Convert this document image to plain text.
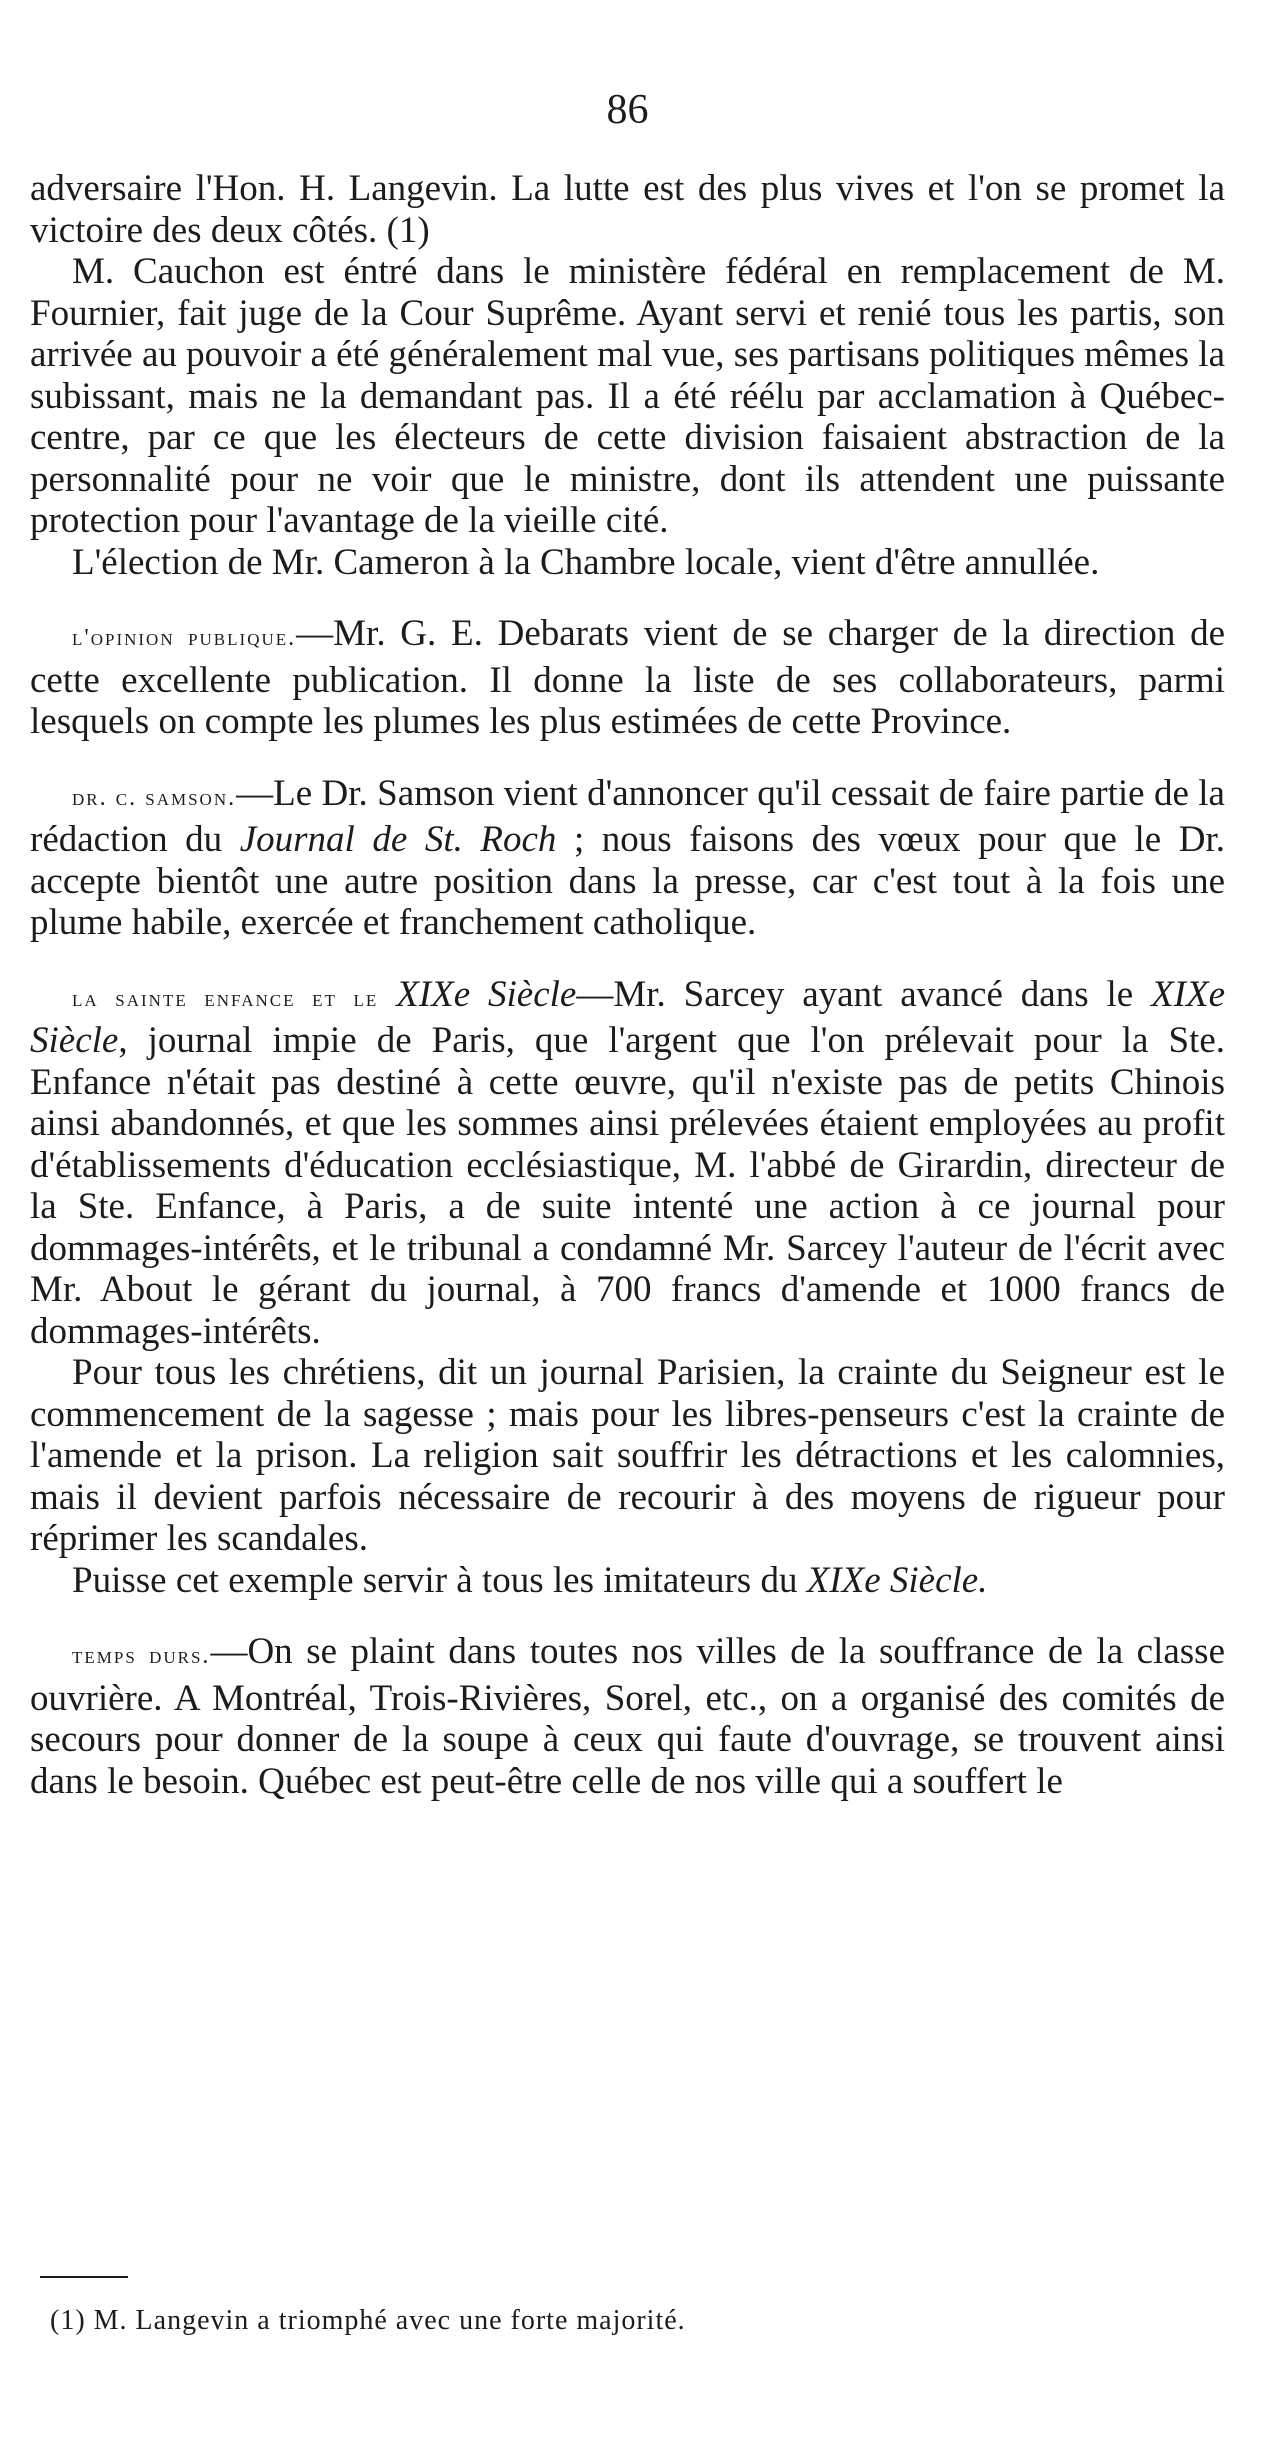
86

adversaire l'Hon. H. Langevin. La lutte est des plus vives et l'on se promet la victoire des deux côtés. (1)

M. Cauchon est éntré dans le ministère fédéral en remplacement de M. Fournier, fait juge de la Cour Suprême. Ayant servi et renié tous les partis, son arrivée au pouvoir a été généralement mal vue, ses partisans politiques mêmes la subissant, mais ne la demandant pas. Il a été réélu par acclamation à Québec-centre, par ce que les électeurs de cette division faisaient abstraction de la personnalité pour ne voir que le ministre, dont ils attendent une puissante protection pour l'avantage de la vieille cité.

L'élection de Mr. Cameron à la Chambre locale, vient d'être annullée.

l'opinion publique.—Mr. G. E. Debarats vient de se charger de la direction de cette excellente publication. Il donne la liste de ses collaborateurs, parmi lesquels on compte les plumes les plus estimées de cette Province.

dr. c. samson.—Le Dr. Samson vient d'annoncer qu'il cessait de faire partie de la rédaction du Journal de St. Roch ; nous faisons des vœux pour que le Dr. accepte bientôt une autre position dans la presse, car c'est tout à la fois une plume habile, exercée et franchement catholique.

la sainte enfance et le XIXe Siècle—Mr. Sarcey ayant avancé dans le XIXe Siècle, journal impie de Paris, que l'argent que l'on prélevait pour la Ste. Enfance n'était pas destiné à cette œuvre, qu'il n'existe pas de petits Chinois ainsi abandonnés, et que les sommes ainsi prélevées étaient employées au profit d'établissements d'éducation ecclésiastique, M. l'abbé de Girardin, directeur de la Ste. Enfance, à Paris, a de suite intenté une action à ce journal pour dommages-intérêts, et le tribunal a condamné Mr. Sarcey l'auteur de l'écrit avec Mr. About le gérant du journal, à 700 francs d'amende et 1000 francs de dommages-intérêts.

Pour tous les chrétiens, dit un journal Parisien, la crainte du Seigneur est le commencement de la sagesse ; mais pour les libres-penseurs c'est la crainte de l'amende et la prison. La religion sait souffrir les détractions et les calomnies, mais il devient parfois nécessaire de recourir à des moyens de rigueur pour réprimer les scandales.

Puisse cet exemple servir à tous les imitateurs du XIXe Siècle.

temps durs.—On se plaint dans toutes nos villes de la souffrance de la classe ouvrière. A Montréal, Trois-Rivières, Sorel, etc., on a organisé des comités de secours pour donner de la soupe à ceux qui faute d'ouvrage, se trouvent ainsi dans le besoin. Québec est peut-être celle de nos ville qui a souffert le

(1) M. Langevin a triomphé avec une forte majorité.
